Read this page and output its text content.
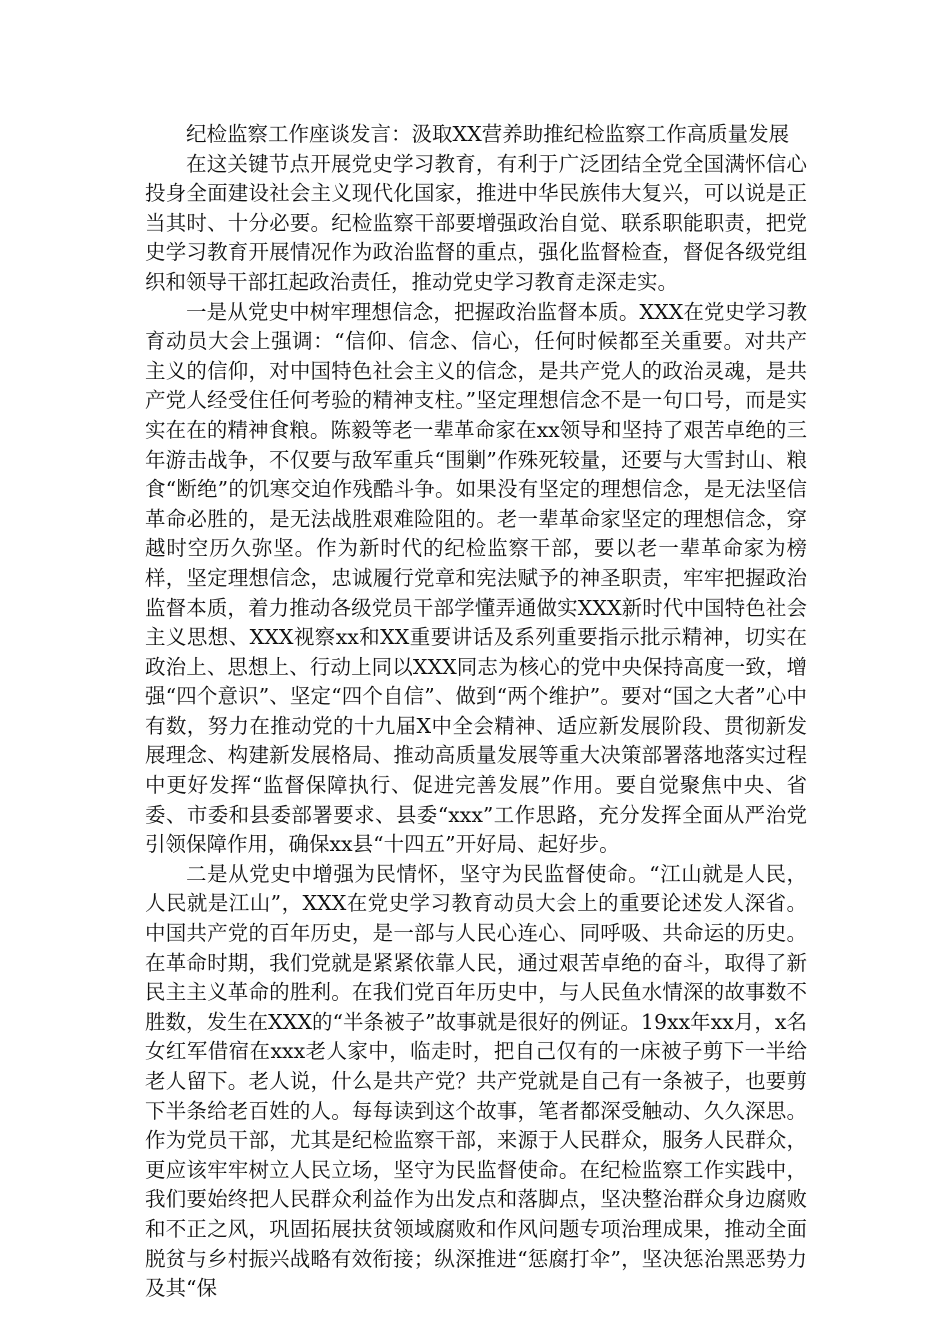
纪检监察工作座谈发言：汲取XX营养助推纪检监察工作高质量发展

在这关键节点开展党史学习教育，有利于广泛团结全党全国满怀信心投身全面建设社会主义现代化国家，推进中华民族伟大复兴，可以说是正当其时、十分必要。纪检监察干部要增强政治自觉、联系职能职责，把党史学习教育开展情况作为政治监督的重点，强化监督检查，督促各级党组织和领导干部扛起政治责任，推动党史学习教育走深走实。

一是从党史中树牢理想信念，把握政治监督本质。XXX在党史学习教育动员大会上强调：“信仰、信念、信心，任何时候都至关重要。对共产主义的信仰，对中国特色社会主义的信念，是共产党人的政治灵魂，是共产党人经受住任何考验的精神支柱。”坚定理想信念不是一句口号，而是实实在在的精神食粮。陈毅等老一辈革命家在xx领导和坚持了艰苦卓绝的三年游击战争，不仅要与敌军重兵“围剿”作殊死较量，还要与大雪封山、粮食“断绝”的饥寒交迫作残酷斗争。如果没有坚定的理想信念，是无法坚信革命必胜的，是无法战胜艰难险阻的。老一辈革命家坚定的理想信念，穿越时空历久弥坚。作为新时代的纪检监察干部，要以老一辈革命家为榜样，坚定理想信念，忠诚履行党章和宪法赋予的神圣职责，牢牢把握政治监督本质，着力推动各级党员干部学懂弄通做实XXX新时代中国特色社会主义思想、XXX视察xx和XX重要讲话及系列重要指示批示精神，切实在政治上、思想上、行动上同以XXX同志为核心的党中央保持高度一致，增强“四个意识”、坚定“四个自信”、做到“两个维护”。要对“国之大者”心中有数，努力在推动党的十九届X中全会精神、适应新发展阶段、贯彻新发展理念、构建新发展格局、推动高质量发展等重大决策部署落地落实过程中更好发挥“监督保障执行、促进完善发展”作用。要自觉聚焦中央、省委、市委和县委部署要求、县委“xxx”工作思路，充分发挥全面从严治党引领保障作用，确保xx县“十四五”开好局、起好步。

二是从党史中增强为民情怀，坚守为民监督使命。“江山就是人民，人民就是江山”，XXX在党史学习教育动员大会上的重要论述发人深省。中国共产党的百年历史，是一部与人民心连心、同呼吸、共命运的历史。在革命时期，我们党就是紧紧依靠人民，通过艰苦卓绝的奋斗，取得了新民主主义革命的胜利。在我们党百年历史中，与人民鱼水情深的故事数不胜数，发生在XXX的“半条被子”故事就是很好的例证。19xx年xx月，x名女红军借宿在xxx老人家中，临走时，把自己仅有的一床被子剪下一半给老人留下。老人说，什么是共产党？共产党就是自己有一条被子，也要剪下半条给老百姓的人。每每读到这个故事，笔者都深受触动、久久深思。作为党员干部，尤其是纪检监察干部，来源于人民群众，服务人民群众，更应该牢牢树立人民立场，坚守为民监督使命。在纪检监察工作实践中，我们要始终把人民群众利益作为出发点和落脚点，坚决整治群众身边腐败和不正之风，巩固拓展扶贫领域腐败和作风问题专项治理成果，推动全面脱贫与乡村振兴战略有效衔接；纵深推进“惩腐打伞”，坚决惩治黑恶势力及其“保
